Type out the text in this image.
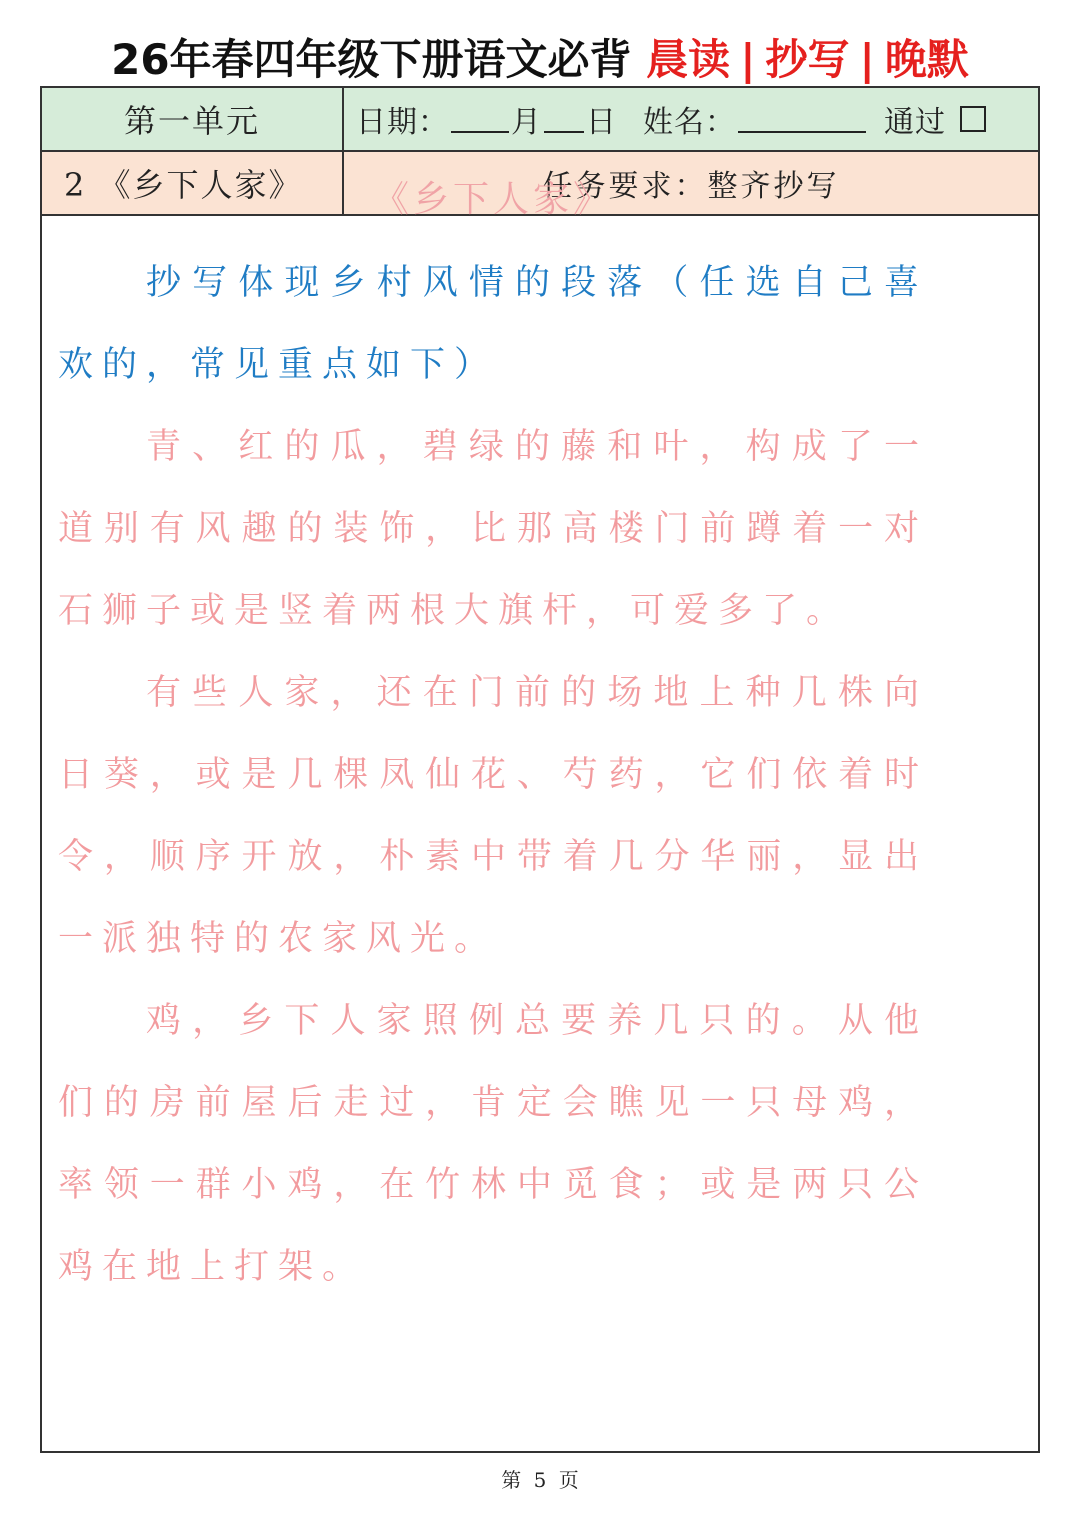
26年春四年级下册语文必背 晨读 | 抄写 | 晚默
第一单元	日期： 月 日 姓名：	通过
2 《乡下人家》	任务要求：整齐抄写
《乡下人家》

抄写体现乡村风情的段落（任选自己喜欢的，常见重点如下）

青、红的瓜，碧绿的藤和叶，构成了一道别有风趣的装饰，比那高楼门前蹲着一对石狮子或是竖着两根大旗杆，可爱多了。

有些人家，还在门前的场地上种几株向日葵，或是几棵凤仙花、芍药，它们依着时令，顺序开放，朴素中带着几分华丽，显出一派独特的农家风光。

鸡，乡下人家照例总要养几只的。从他们的房前屋后走过，肯定会瞧见一只母鸡，率领一群小鸡，在竹林中觅食；或是两只公鸡在地上打架。

第 5 页
